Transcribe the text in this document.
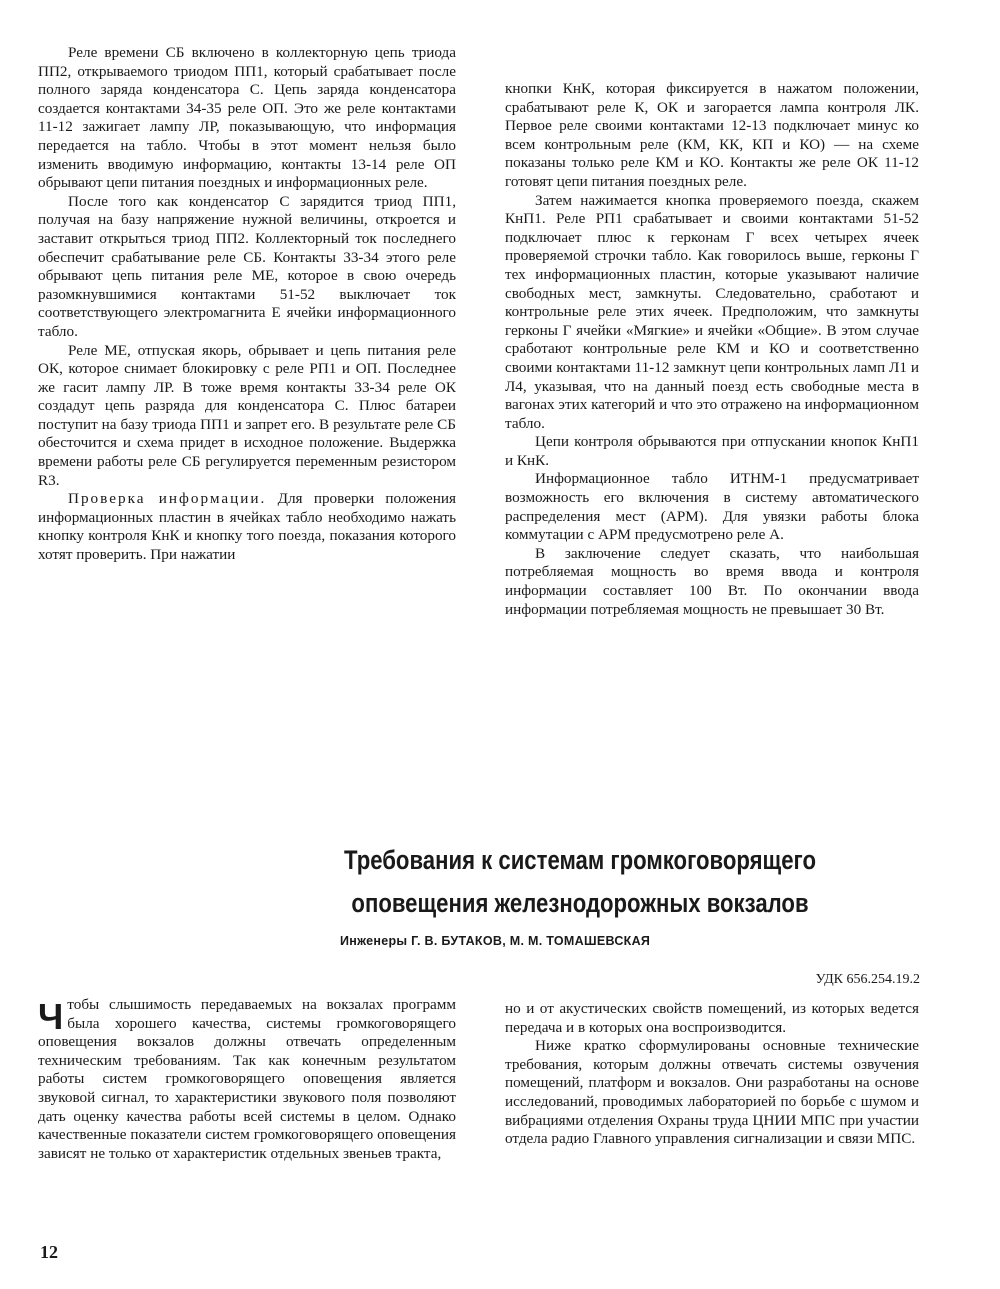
Реле времени СБ включено в коллекторную цепь триода ПП2, открываемого триодом ПП1, который срабатывает после полного заряда конденсатора С. Цепь заряда конденсатора создается контактами 34-35 реле ОП. Это же реле контактами 11-12 зажигает лампу ЛР, показывающую, что информация передается на табло. Чтобы в этот момент нельзя было изменить вводимую информацию, контакты 13-14 реле ОП обрывают цепи питания поездных и информационных реле.

После того как конденсатор С зарядится триод ПП1, получая на базу напряжение нужной величины, откроется и заставит открыться триод ПП2. Коллекторный ток последнего обеспечит срабатывание реле СБ. Контакты 33-34 этого реле обрывают цепь питания реле МЕ, которое в свою очередь разомкнувшимися контактами 51-52 выключает ток соответствующего электромагнита Е ячейки информационного табло.

Реле МЕ, отпуская якорь, обрывает и цепь питания реле ОК, которое снимает блокировку с реле РП1 и ОП. Последнее же гасит лампу ЛР. В тоже время контакты 33-34 реле ОК создадут цепь разряда для конденсатора С. Плюс батареи поступит на базу триода ПП1 и запрет его. В результате реле СБ обесточится и схема придет в исходное положение. Выдержка времени работы реле СБ регулируется переменным резистором R3.

Проверка информации. Для проверки положения информационных пластин в ячейках табло необходимо нажать кнопку контроля КнК и кнопку того поезда, показания которого хотят проверить. При нажатии

кнопки КнК, которая фиксируется в нажатом положении, срабатывают реле К, ОК и загорается лампа контроля ЛК. Первое реле своими контактами 12-13 подключает минус ко всем контрольным реле (КМ, КК, КП и КО) — на схеме показаны только реле КМ и КО. Контакты же реле ОК 11-12 готовят цепи питания поездных реле.

Затем нажимается кнопка проверяемого поезда, скажем КнП1. Реле РП1 срабатывает и своими контактами 51-52 подключает плюс к герконам Г всех четырех ячеек проверяемой строчки табло. Как говорилось выше, герконы Г тех информационных пластин, которые указывают наличие свободных мест, замкнуты. Следовательно, сработают и контрольные реле этих ячеек. Предположим, что замкнуты герконы Г ячейки «Мягкие» и ячейки «Общие». В этом случае сработают контрольные реле КМ и КО и соответственно своими контактами 11-12 замкнут цепи контрольных ламп Л1 и Л4, указывая, что на данный поезд есть свободные места в вагонах этих категорий и что это отражено на информационном табло.

Цепи контроля обрываются при отпускании кнопок КнП1 и КнК.

Информационное табло ИТНМ-1 предусматривает возможность его включения в систему автоматического распределения мест (АРМ). Для увязки работы блока коммутации с АРМ предусмотрено реле А.

В заключение следует сказать, что наибольшая потребляемая мощность во время ввода и контроля информации составляет 100 Вт. По окончании ввода информации потребляемая мощность не превышает 30 Вт.

Требования к системам громкоговорящего
оповещения железнодорожных вокзалов
Инженеры Г. В. БУТАКОВ, М. М. ТОМАШЕВСКАЯ
УДК 656.254.19.2

Чтобы слышимость передаваемых на вокзалах программ была хорошего качества, системы громкоговорящего оповещения вокзалов должны отвечать определенным техническим требованиям. Так как конечным результатом работы систем громкоговорящего оповещения является звуковой сигнал, то характеристики звукового поля позволяют дать оценку качества работы всей системы в целом. Однако качественные показатели систем громкоговорящего оповещения зависят не только от характеристик отдельных звеньев тракта,

но и от акустических свойств помещений, из которых ведется передача и в которых она воспроизводится.

Ниже кратко сформулированы основные технические требования, которым должны отвечать системы озвучения помещений, платформ и вокзалов. Они разработаны на основе исследований, проводимых лабораторией по борьбе с шумом и вибрациями отделения Охраны труда ЦНИИ МПС при участии отдела радио Главного управления сигнализации и связи МПС.

12
